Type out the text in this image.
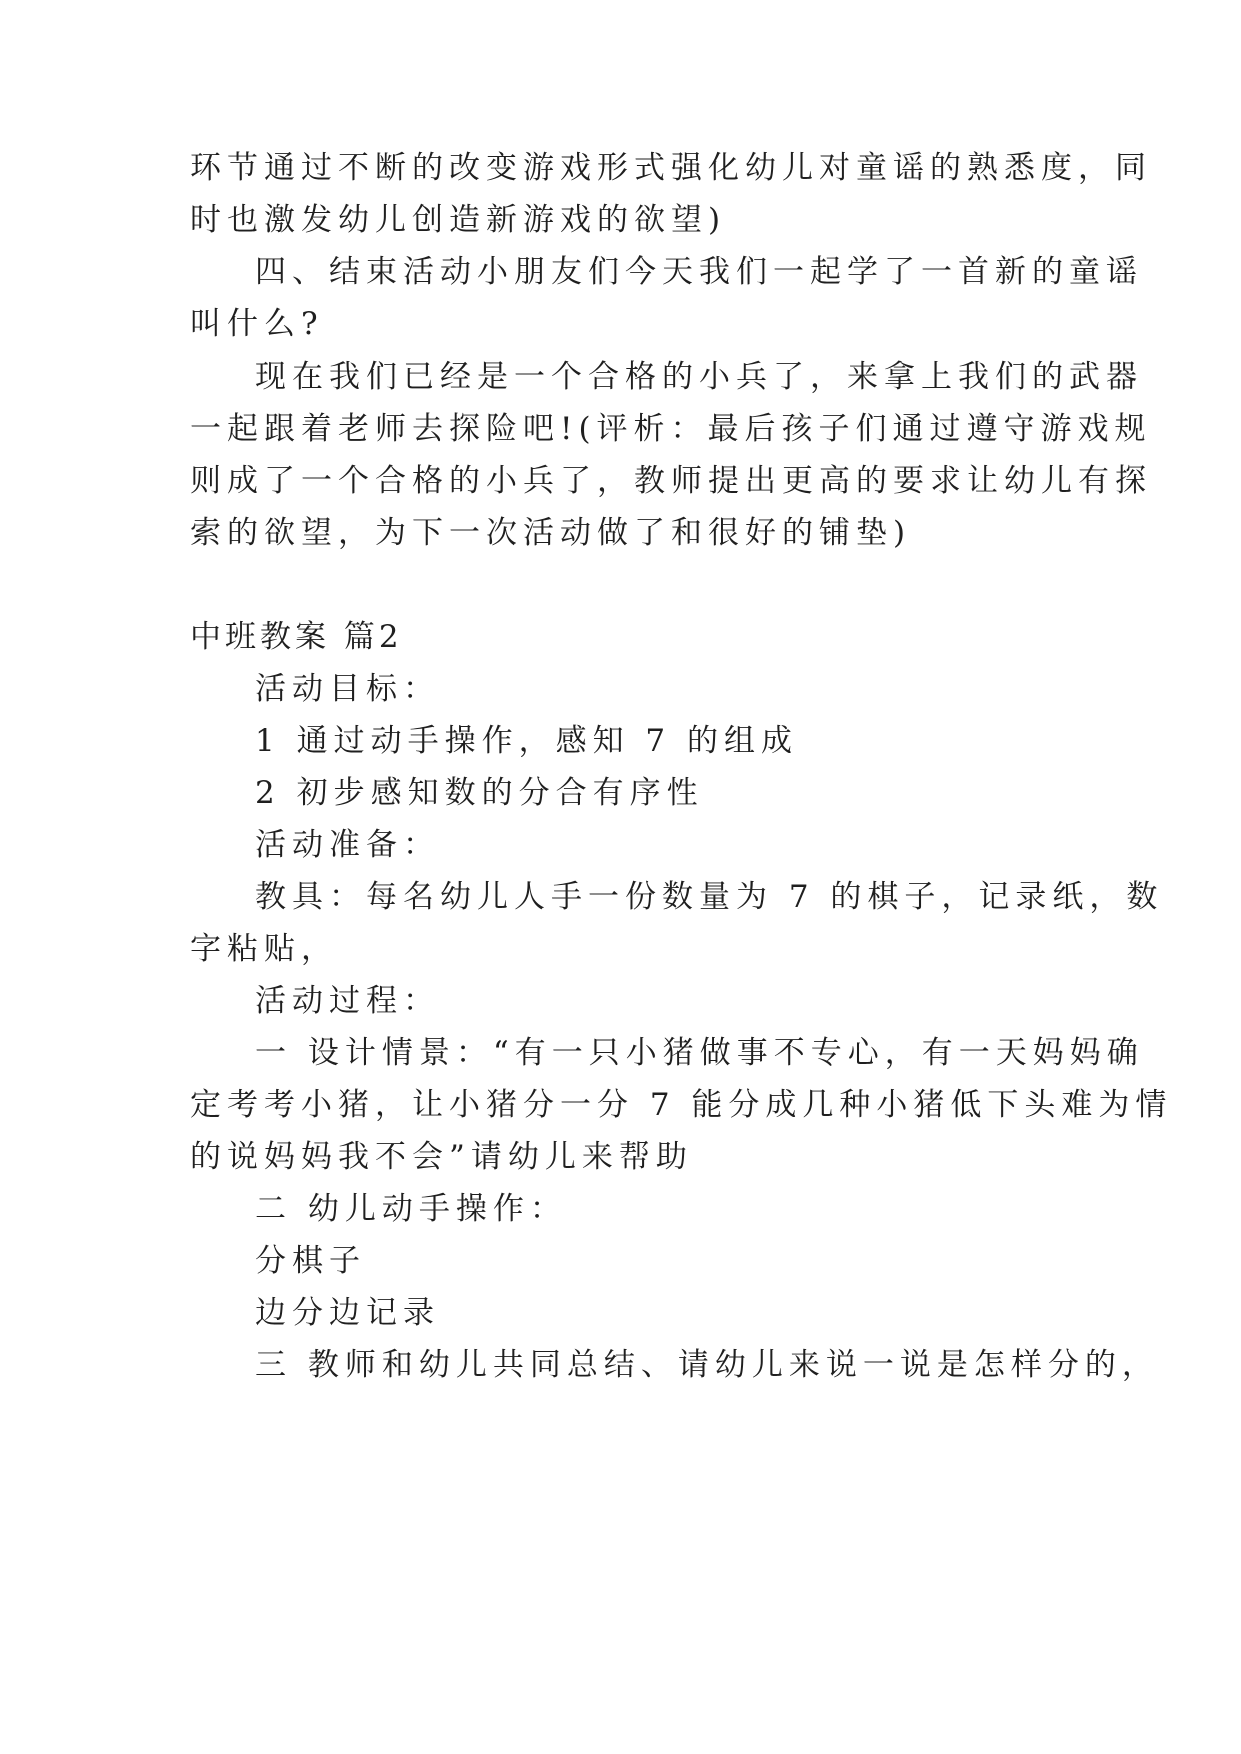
环节通过不断的改变游戏形式强化幼儿对童谣的熟悉度，同
时也激发幼儿创造新游戏的欲望)
四、结束活动小朋友们今天我们一起学了一首新的童谣
叫什么?
现在我们已经是一个合格的小兵了，来拿上我们的武器
一起跟着老师去探险吧!(评析：最后孩子们通过遵守游戏规
则成了一个合格的小兵了，教师提出更高的要求让幼儿有探
索的欲望，为下一次活动做了和很好的铺垫)
中班教案 篇2
活动目标：
1 通过动手操作，感知 7 的组成
2 初步感知数的分合有序性
活动准备：
教具：每名幼儿人手一份数量为 7 的棋子，记录纸，数
字粘贴，
活动过程：
一 设计情景：“有一只小猪做事不专心，有一天妈妈确
定考考小猪，让小猪分一分 7 能分成几种小猪低下头难为情
的说妈妈我不会”请幼儿来帮助
二 幼儿动手操作：
分棋子
边分边记录
三 教师和幼儿共同总结、请幼儿来说一说是怎样分的，
